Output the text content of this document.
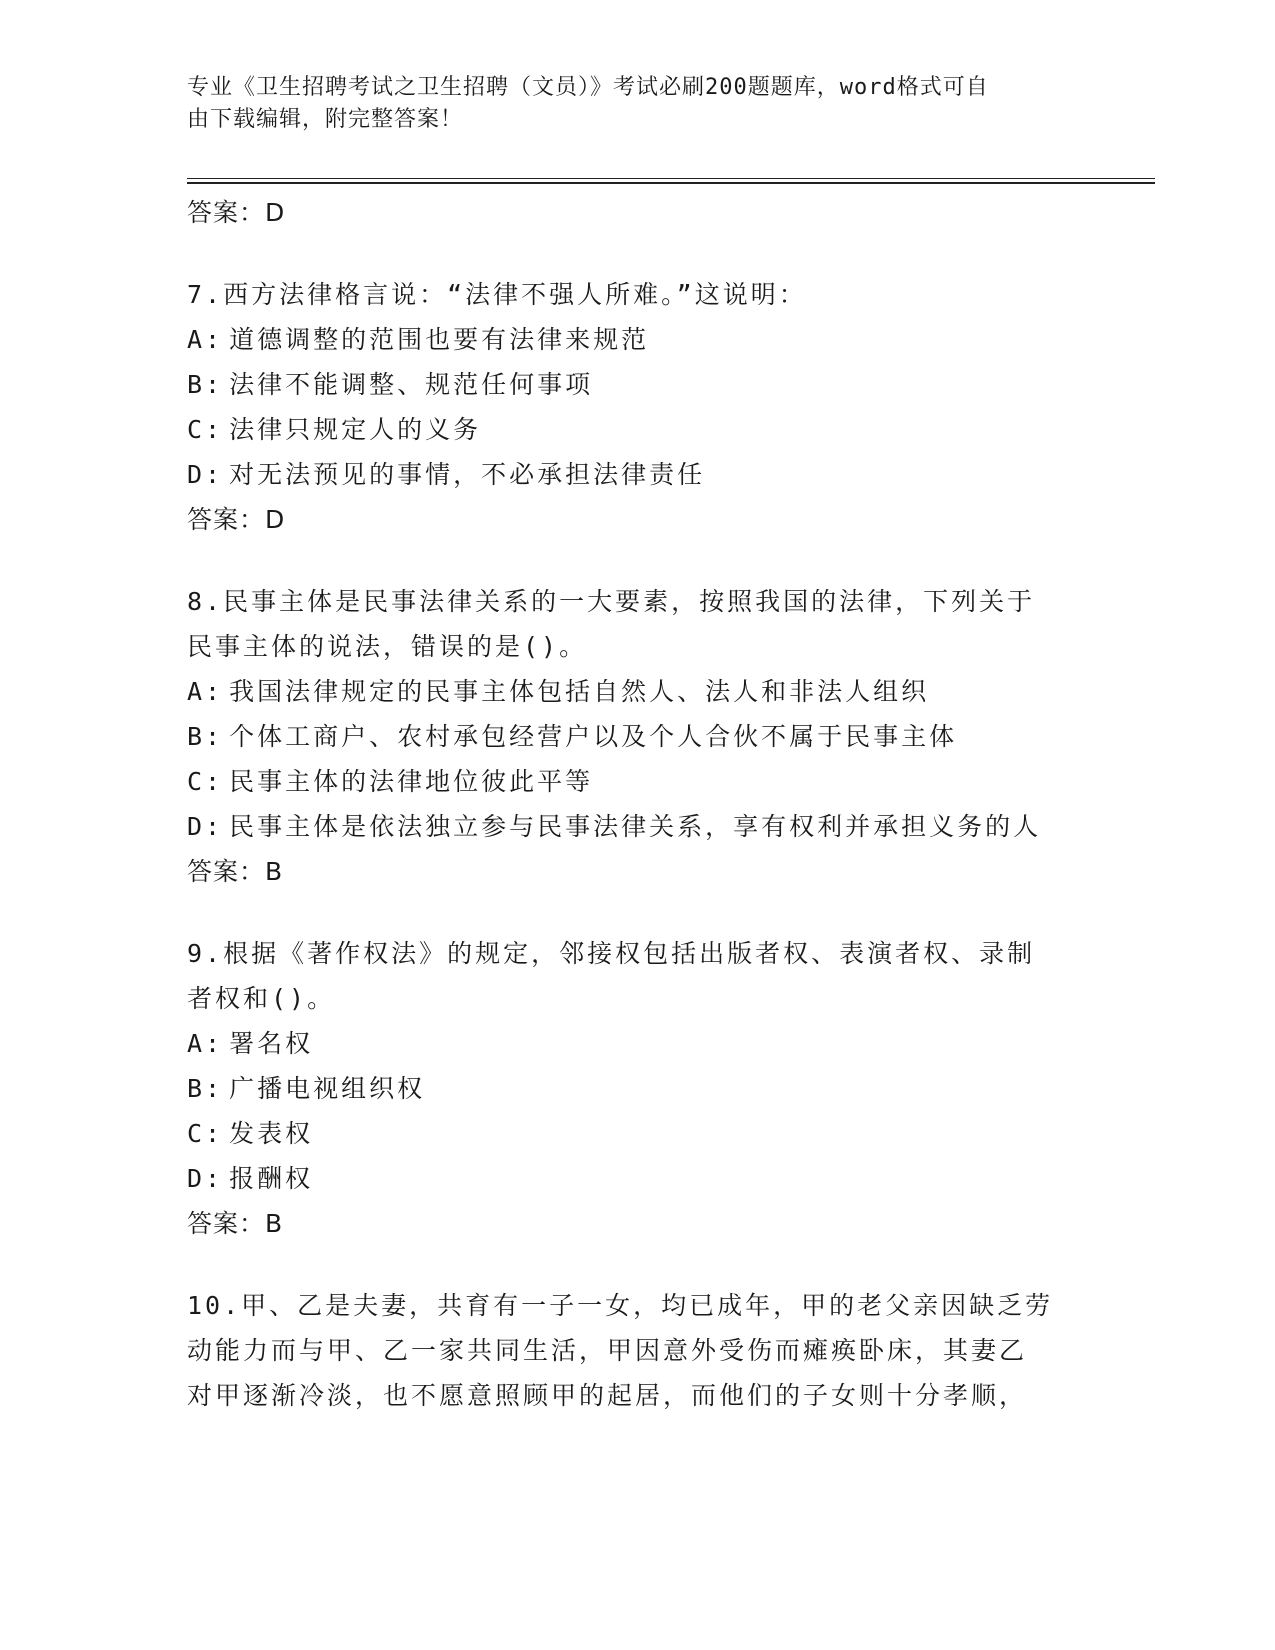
专业《卫生招聘考试之卫生招聘（文员）》考试必刷200题题库，word格式可自
由下载编辑，附完整答案！
答案：D
7.西方法律格言说：“法律不强人所难。”这说明：
A: 道德调整的范围也要有法律来规范
B: 法律不能调整、规范任何事项
C: 法律只规定人的义务
D: 对无法预见的事情，不必承担法律责任
答案：D
8.民事主体是民事法律关系的一大要素，按照我国的法律，下列关于
民事主体的说法，错误的是()。
A: 我国法律规定的民事主体包括自然人、法人和非法人组织
B: 个体工商户、农村承包经营户以及个人合伙不属于民事主体
C: 民事主体的法律地位彼此平等
D: 民事主体是依法独立参与民事法律关系，享有权利并承担义务的人
答案：B
9.根据《著作权法》的规定，邻接权包括出版者权、表演者权、录制
者权和()。
A: 署名权
B: 广播电视组织权
C: 发表权
D: 报酬权
答案：B
10.甲、乙是夫妻，共育有一子一女，均已成年，甲的老父亲因缺乏劳
动能力而与甲、乙一家共同生活，甲因意外受伤而瘫痪卧床，其妻乙
对甲逐渐冷淡，也不愿意照顾甲的起居，而他们的子女则十分孝顺，
